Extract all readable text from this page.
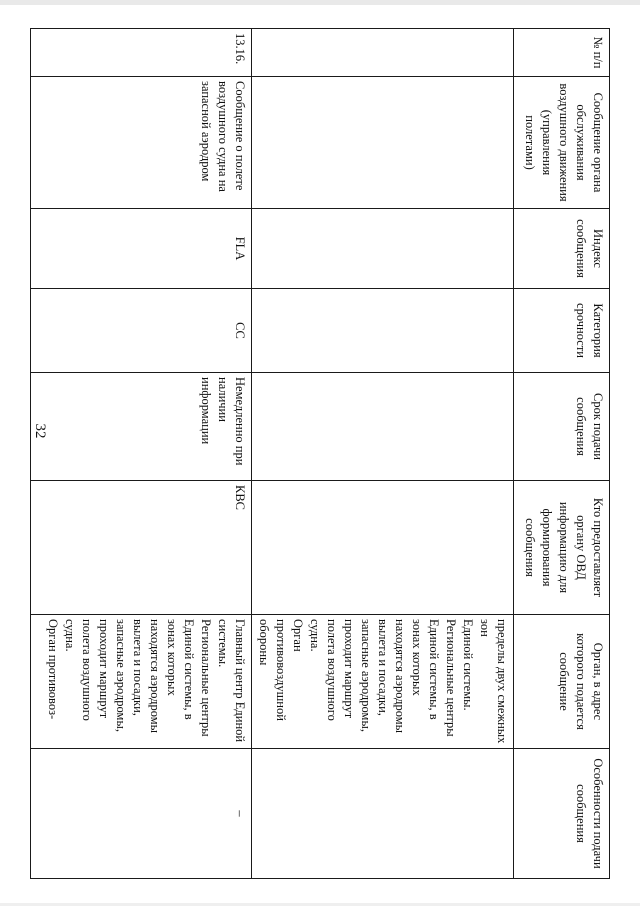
32
№ п/п	Сообщение органа обслуживания воздушного движения (управления полетами)	Индекс сообщения	Категория срочности	Срок подачи сообщения	Кто предоставляет органу ОВД информацию для формирования сообщения	Орган, в адрес которого подается сообщение	Особенности подачи сообщения
						пределы двух смежных зон
Единой системы.
Региональные центры Единой системы, в зонах которых находятся аэродромы вылета и посадки, запасные аэродромы, проходит маршрут полета воздушного судна.
Орган противовоздушной обороны	
13.16.	Сообщение о полете воздушного судна на запасной аэродром	FLA	СС	Немедленно при наличии информации	КВС	Главный центр Единой системы.
Региональные центры Единой системы, в зонах которых находятся аэродромы вылета и посадки, запасные аэродромы, проходит маршрут полета воздушного судна.
Орган противовоз-	–
